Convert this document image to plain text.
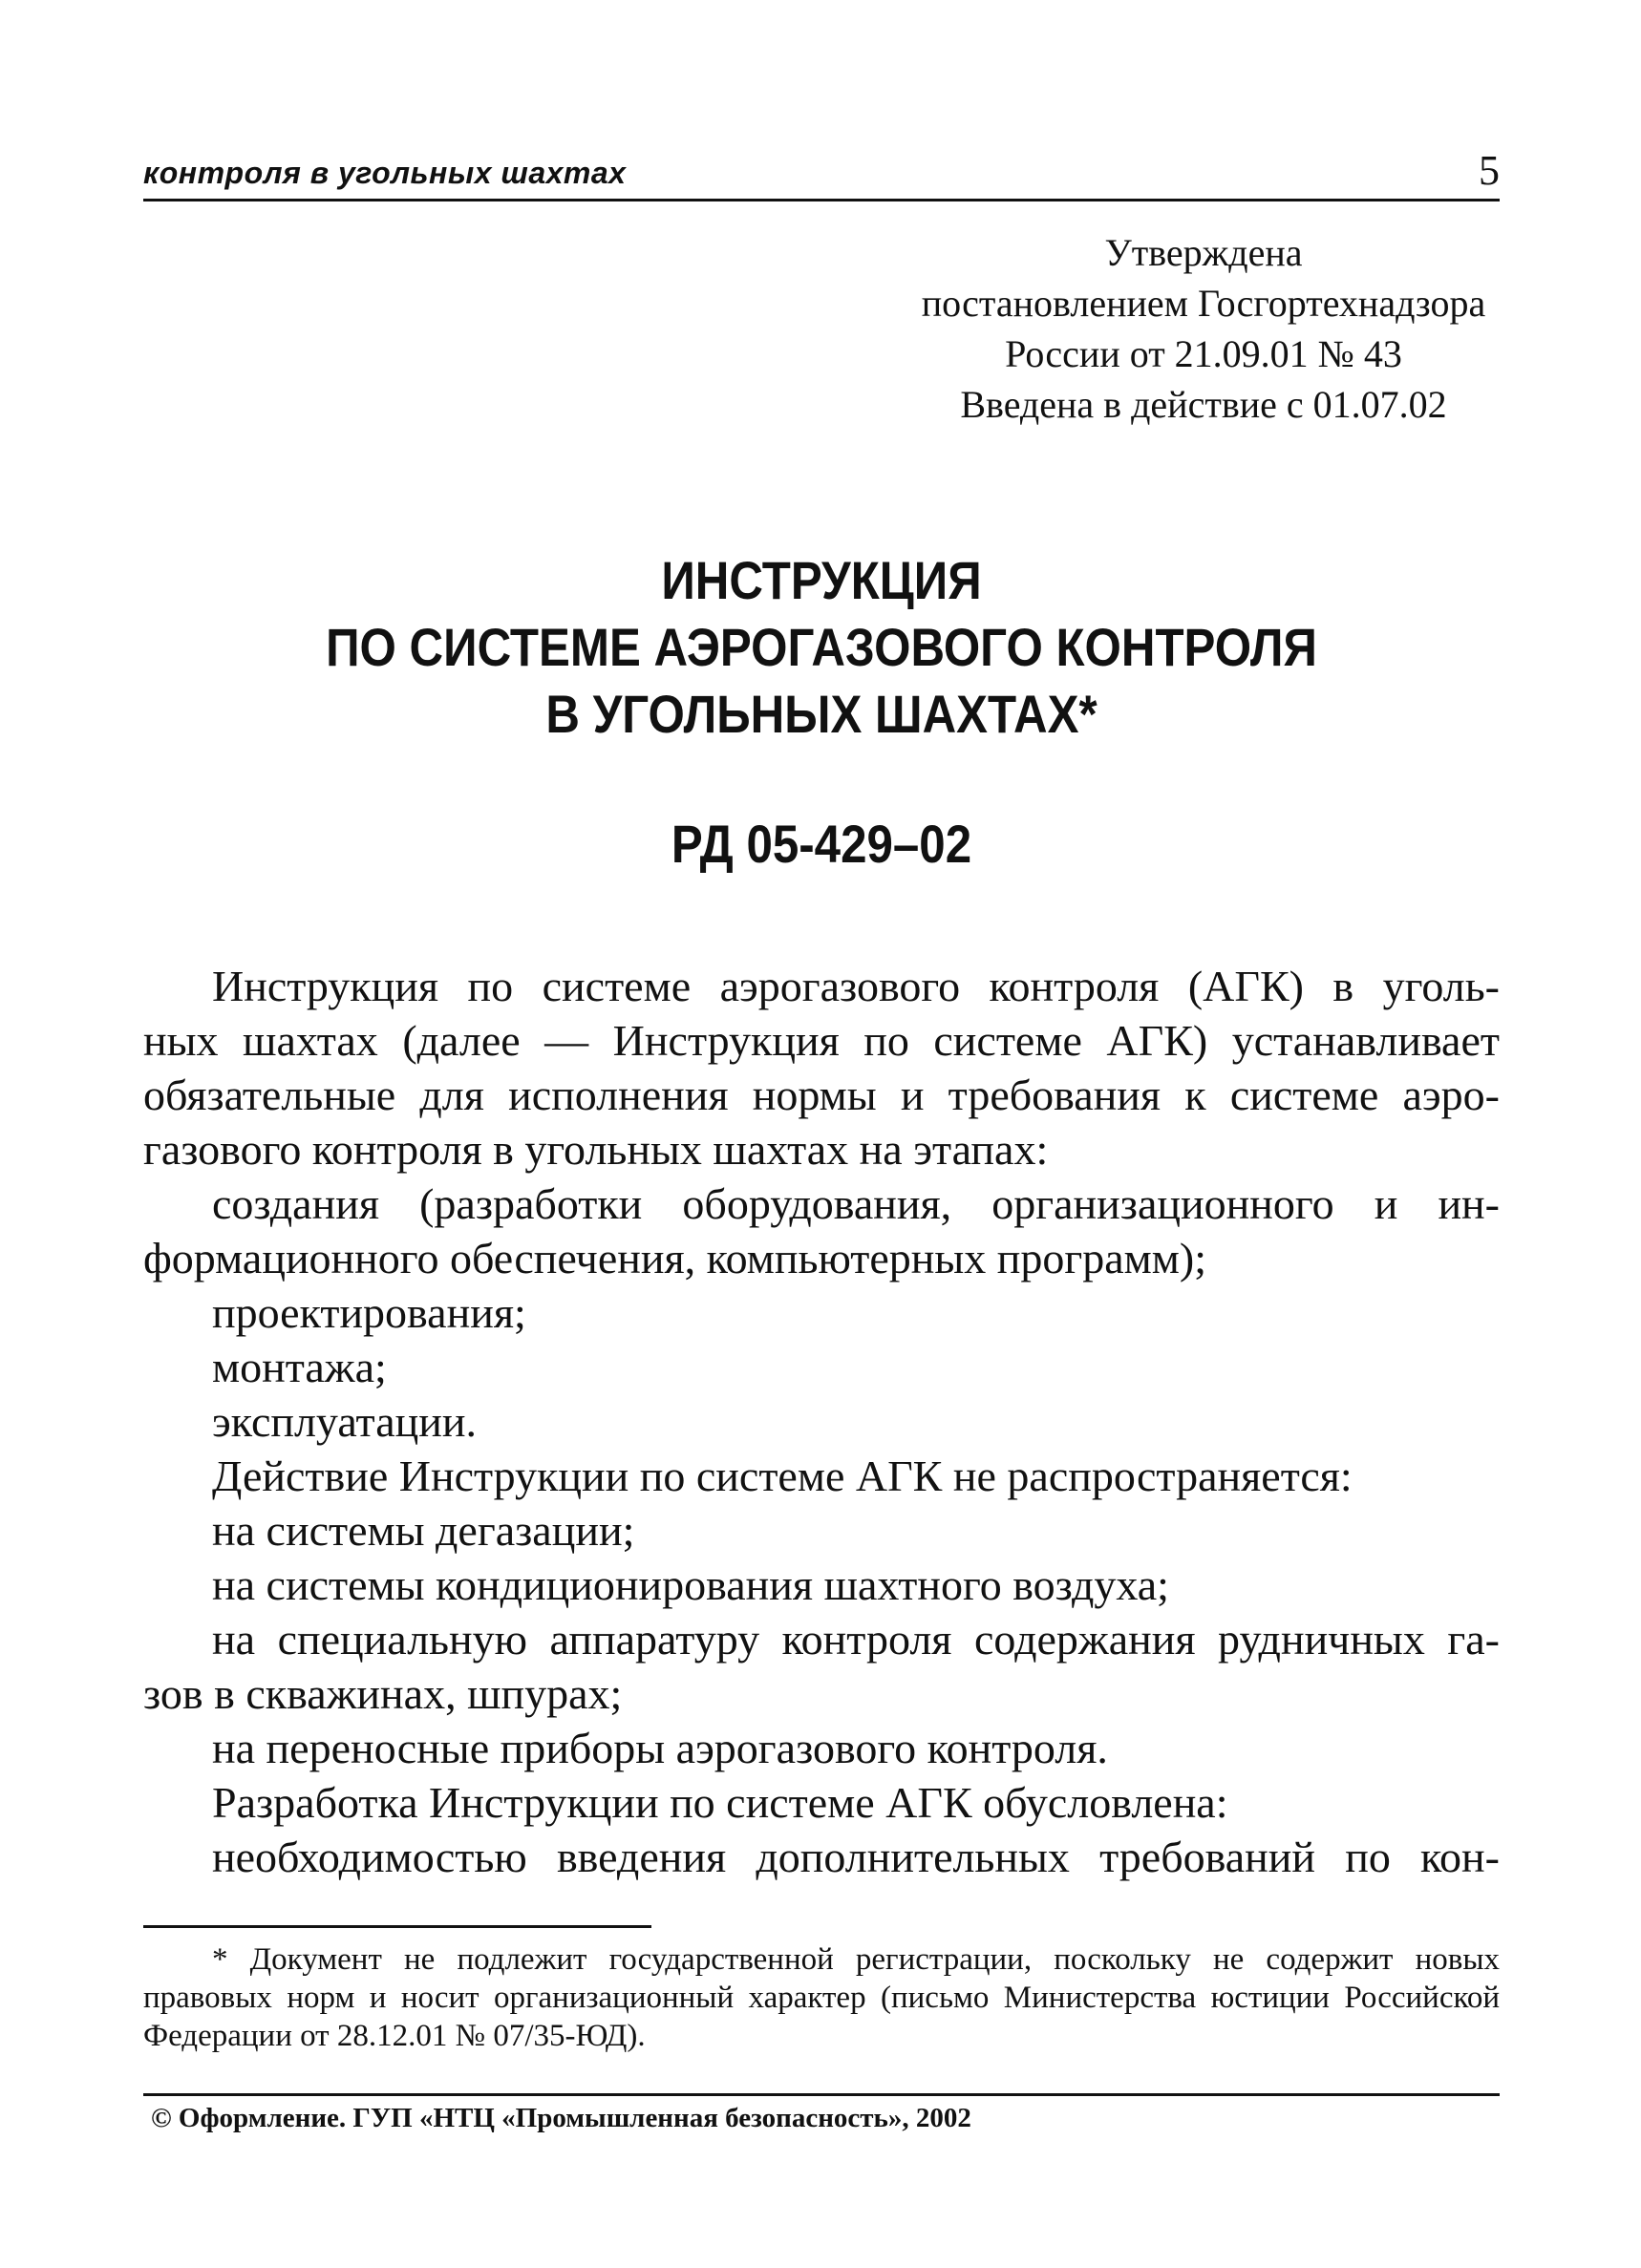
контроля в угольных шахтах	5
Утверждена
постановлением Госгортехнадзора
России от 21.09.01 № 43
Введена в действие с 01.07.02
ИНСТРУКЦИЯ
ПО СИСТЕМЕ АЭРОГАЗОВОГО КОНТРОЛЯ
В УГОЛЬНЫХ ШАХТАХ*
РД 05-429–02

Инструкция по системе аэрогазового контроля (АГК) в уголь-

ных шахтах (далее — Инструкция по системе АГК) устанавливает

обязательные для исполнения нормы и требования к системе аэро-

газового контроля в угольных шахтах на этапах:

создания (разработки оборудования, организационного и ин-

формационного обеспечения, компьютерных программ);

проектирования;

монтажа;

эксплуатации.

Действие Инструкции по системе АГК не распространяется:

на системы дегазации;

на системы кондиционирования шахтного воздуха;

на специальную аппаратуру контроля содержания рудничных га-

зов в скважинах, шпурах;

на переносные приборы аэрогазового контроля.

Разработка Инструкции по системе АГК обусловлена:

необходимостью введения дополнительных требований по кон-

* Документ не подлежит государственной регистрации, поскольку не содержит новых правовых норм и носит организационный характер (письмо Министерства юстиции Российской Федерации от 28.12.01 № 07/35-ЮД).

© Оформление. ГУП «НТЦ «Промышленная безопасность», 2002
